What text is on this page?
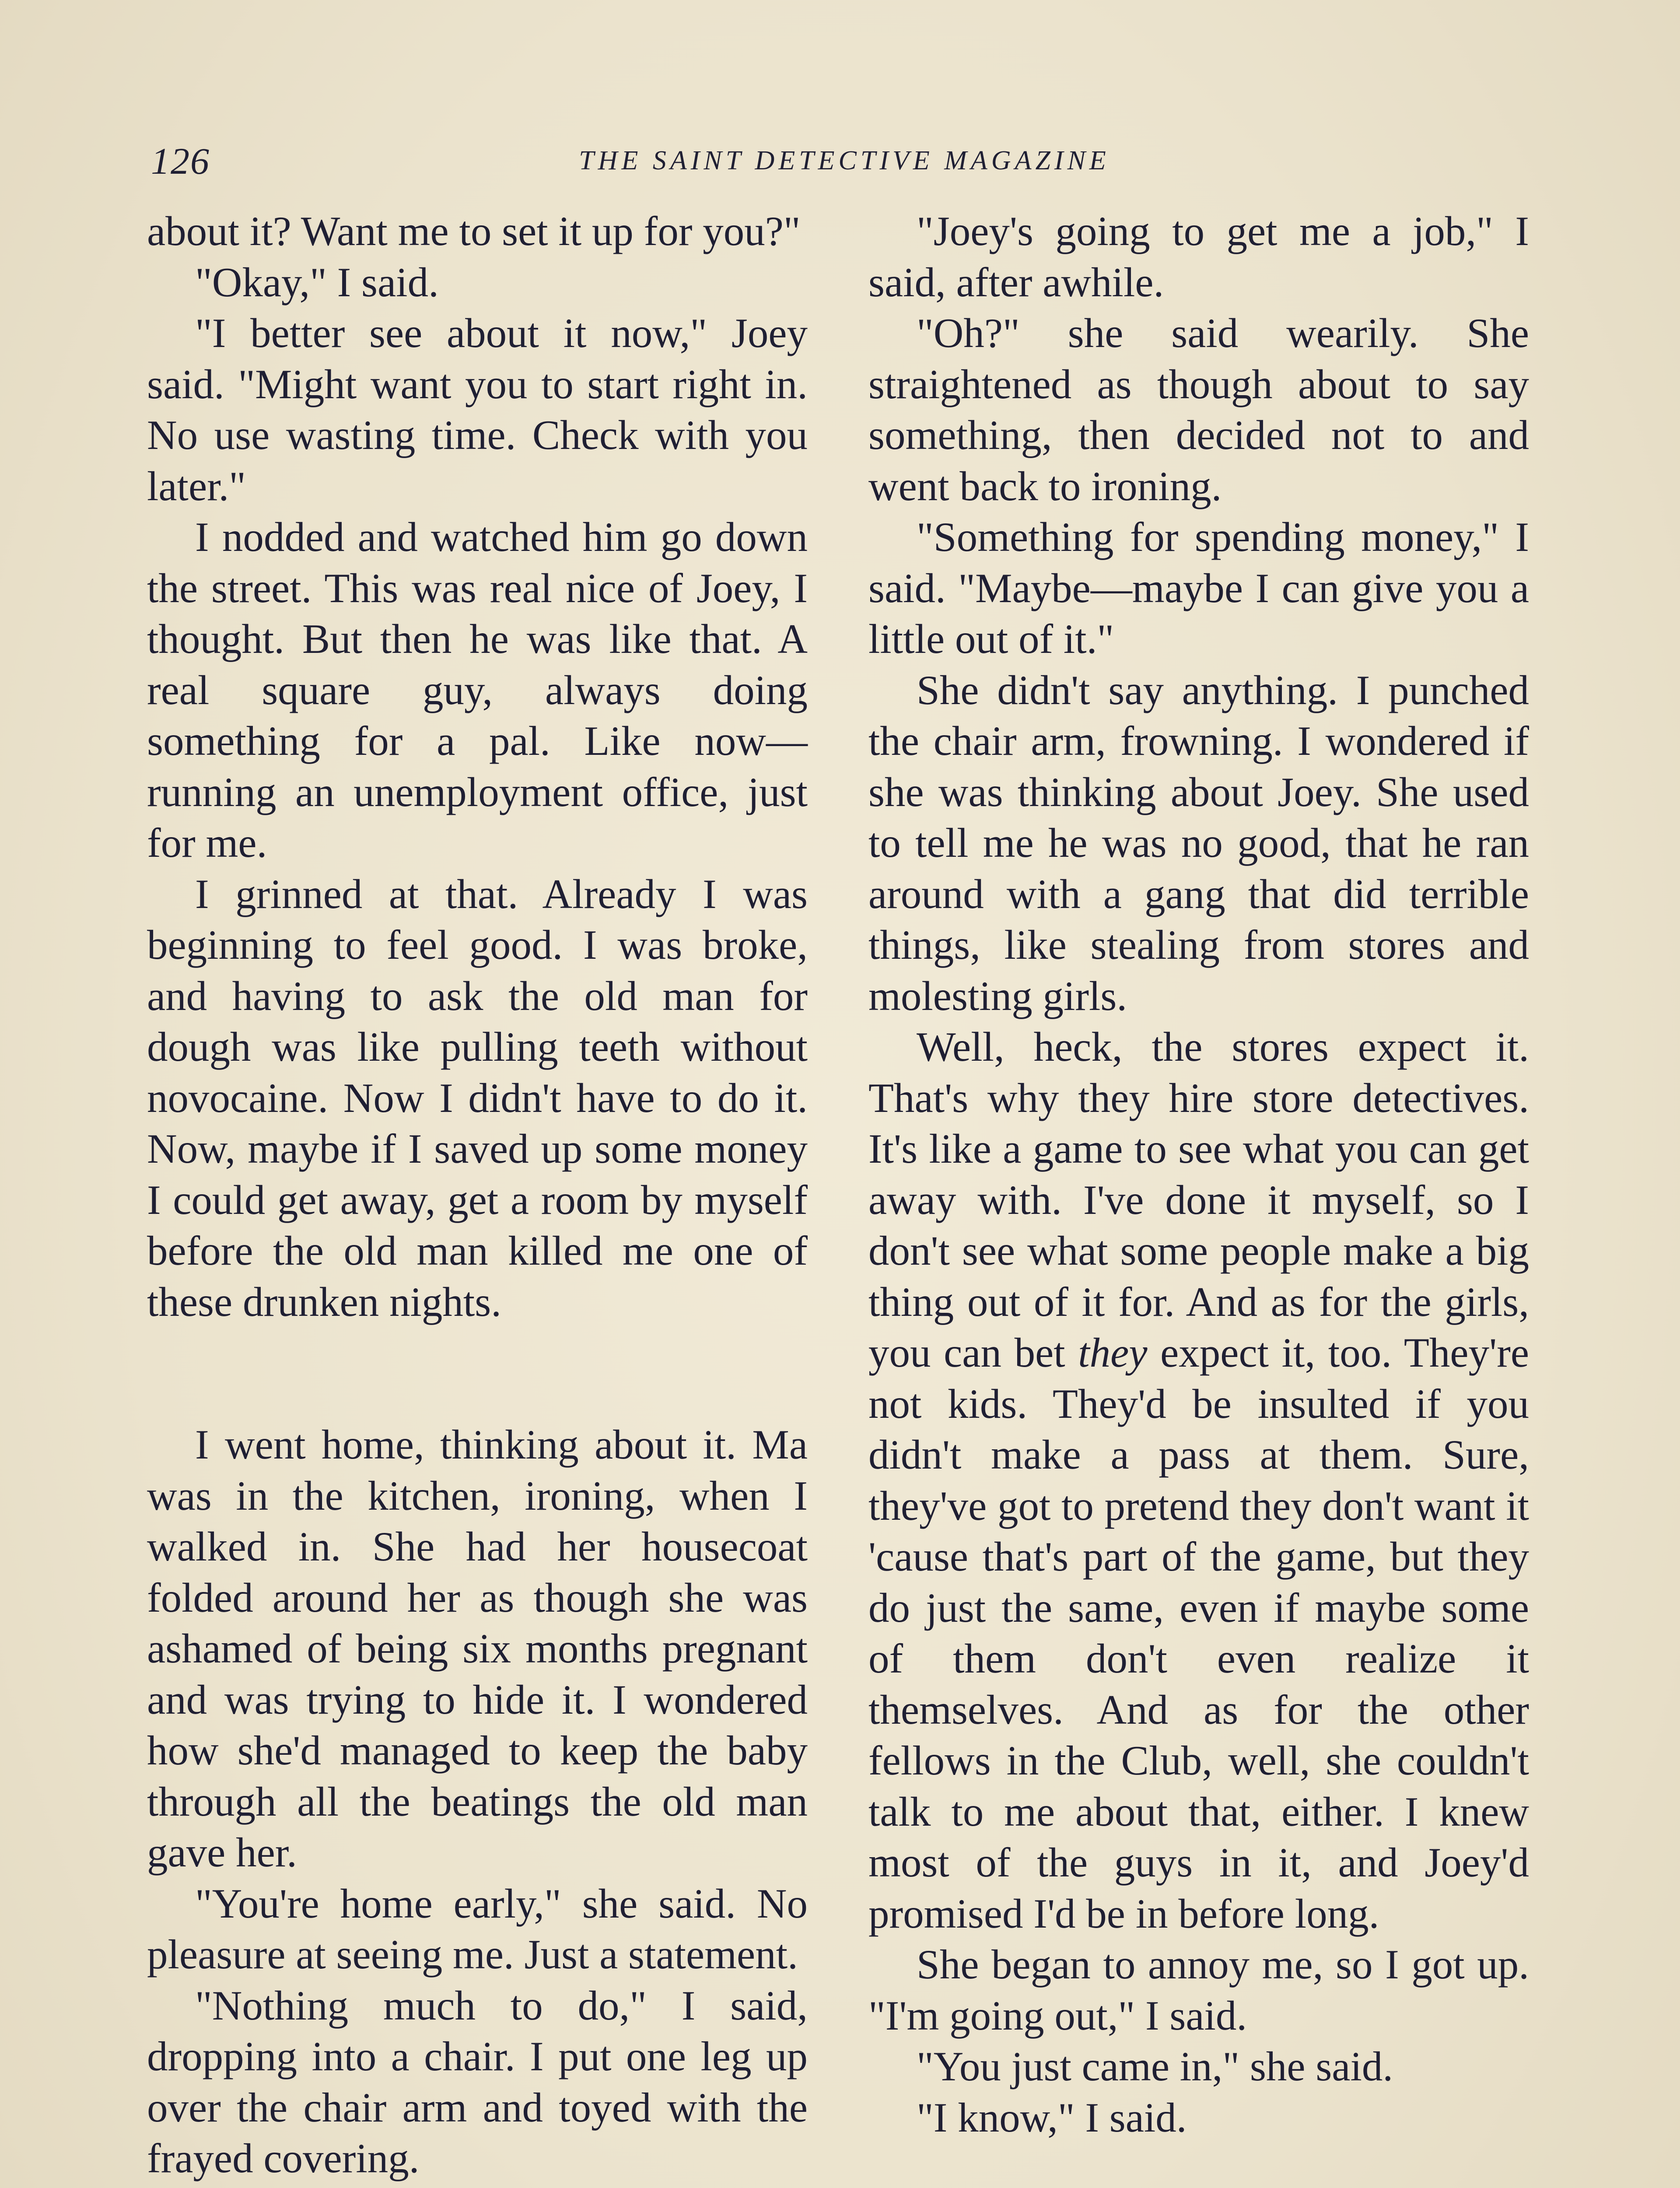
126	THE SAINT DETECTIVE MAGAZINE

about it? Want me to set it up for you?"

"Okay," I said.

"I better see about it now," Joey said. "Might want you to start right in. No use wasting time. Check with you later."

I nodded and watched him go down the street. This was real nice of Joey, I thought. But then he was like that. A real square guy, always doing something for a pal. Like now—running an unemployment office, just for me.

I grinned at that. Already I was beginning to feel good. I was broke, and having to ask the old man for dough was like pulling teeth without novocaine. Now I didn't have to do it. Now, maybe if I saved up some money I could get away, get a room by myself before the old man killed me one of these drunken nights.

I went home, thinking about it. Ma was in the kitchen, ironing, when I walked in. She had her housecoat folded around her as though she was ashamed of being six months pregnant and was trying to hide it. I wondered how she'd managed to keep the baby through all the beatings the old man gave her.

"You're home early," she said. No pleasure at seeing me. Just a statement.

"Nothing much to do," I said, dropping into a chair. I put one leg up over the chair arm and toyed with the frayed covering.

"Joey's going to get me a job," I said, after awhile.

"Oh?" she said wearily. She straightened as though about to say something, then decided not to and went back to ironing.

"Something for spending money," I said. "Maybe—maybe I can give you a little out of it."

She didn't say anything. I punched the chair arm, frowning. I wondered if she was thinking about Joey. She used to tell me he was no good, that he ran around with a gang that did terrible things, like stealing from stores and molesting girls.

Well, heck, the stores expect it. That's why they hire store detectives. It's like a game to see what you can get away with. I've done it myself, so I don't see what some people make a big thing out of it for. And as for the girls, you can bet they expect it, too. They're not kids. They'd be insulted if you didn't make a pass at them. Sure, they've got to pretend they don't want it 'cause that's part of the game, but they do just the same, even if maybe some of them don't even realize it themselves. And as for the other fellows in the Club, well, she couldn't talk to me about that, either. I knew most of the guys in it, and Joey'd promised I'd be in before long.

She began to annoy me, so I got up. "I'm going out," I said.

"You just came in," she said.

"I know," I said.
